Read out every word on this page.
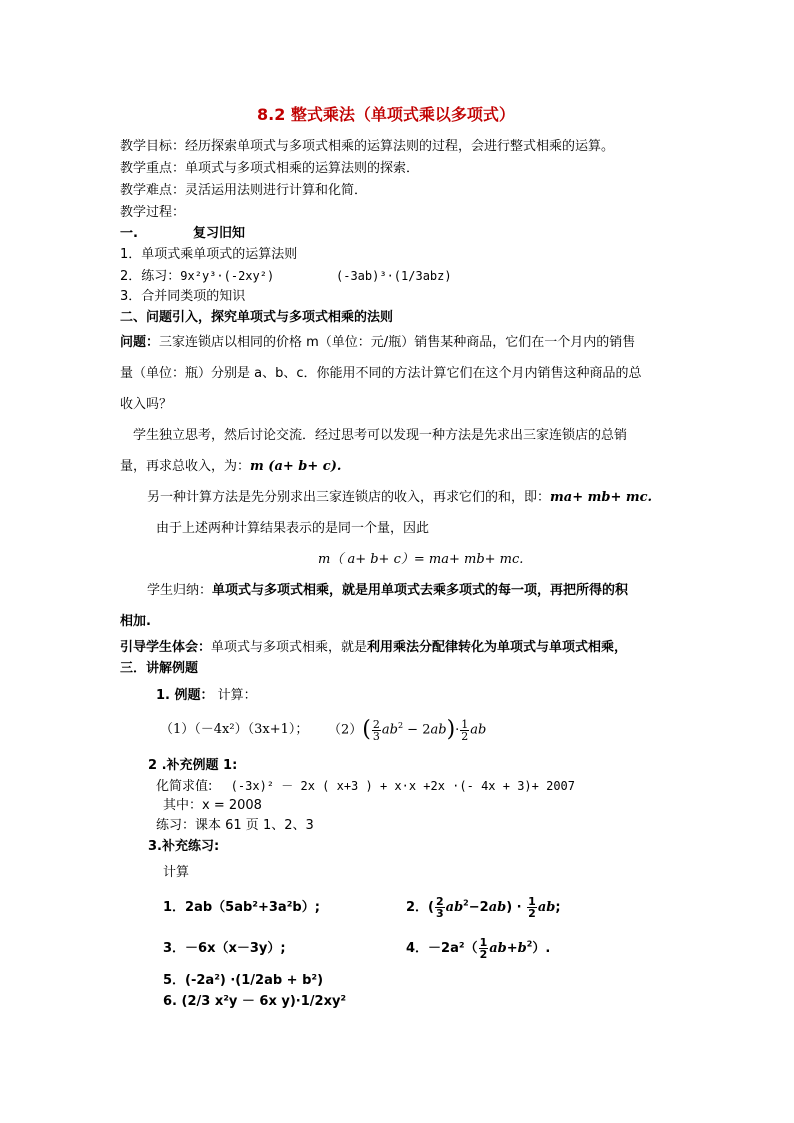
8.2 整式乘法（单项式乘以多项式）
教学目标：经历探索单项式与多项式相乘的运算法则的过程，会进行整式相乘的运算。
教学重点：单项式与多项式相乘的运算法则的探索．
教学难点：灵活运用法则进行计算和化简．
教学过程：
一.	复习旧知
1．单项式乘单项式的运算法则
2．练习：9x²y³·(-2xy²)	(-3ab)³·(1/3abz)
3．合并同类项的知识
二、问题引入，探究单项式与多项式相乘的法则
问题：三家连锁店以相同的价格 m（单位：元/瓶）销售某种商品，它们在一个月内的销售
量（单位：瓶）分别是 a、b、c．你能用不同的方法计算它们在这个月内销售这种商品的总
收入吗？
学生独立思考，然后讨论交流．经过思考可以发现一种方法是先求出三家连锁店的总销
量，再求总收入，为：m (a+ b+ c).
另一种计算方法是先分别求出三家连锁店的收入，再求它们的和，即：ma+ mb+ mc.
由于上述两种计算结果表示的是同一个量，因此
m（ a+ b+ c）= ma+ mb+ mc.
学生归纳：单项式与多项式相乘，就是用单项式去乘多项式的每一项，再把所得的积
相加.
引导学生体会：单项式与多项式相乘，就是利用乘法分配律转化为单项式与单项式相乘，
三．讲解例题
1. 例题： 计算：
（1）（－4x²）（3x+1）； $(2)( \frac{2}{3} ab^2 - 2ab)\cdot \frac{1}{2}$ ab
2 .补充例题 1:
化简求值: (-3x)² － 2x ( x+3 ) + x·x +2x ·(- 4x + 3)+ 2007
其中：x = 2008
练习：课本 61 页 1、2、3
3.补充练习:
计算
1．2ab（5ab²+3a²b）;	2．( $\frac{2}{3} ab^2-2ab) \cdot \frac{1}{2}$ ab;
3．－6x（x－3y）;	4．$-2a^2( \frac{1}{2} ab+b^2)$.
5．(-2a²) ·(1/2ab + b²)
6. (2/3 x²y － 6x y)·1/2xy²
